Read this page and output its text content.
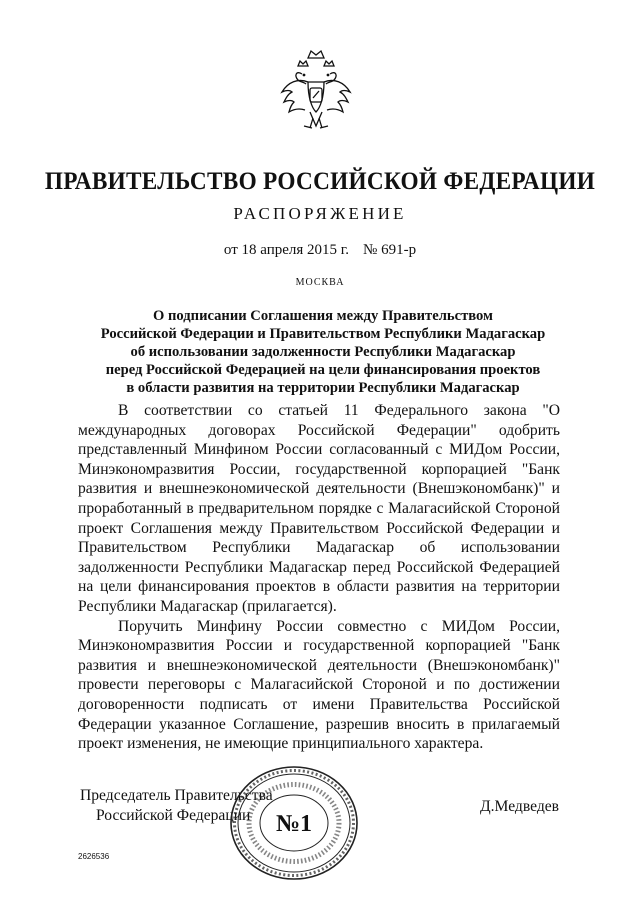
ПРАВИТЕЛЬСТВО РОССИЙСКОЙ ФЕДЕРАЦИИ
РАСПОРЯЖЕНИЕ
от 18 апреля 2015 г. № 691-р
МОСКВА
О подписании Соглашения между Правительством
Российской Федерации и Правительством Республики Мадагаскар
об использовании задолженности Республики Мадагаскар
перед Российской Федерацией на цели финансирования проектов
в области развития на территории Республики Мадагаскар

В соответствии со статьей 11 Федерального закона "О международных договорах Российской Федерации" одобрить представленный Минфином России согласованный с МИДом России, Минэкономразвития России, государственной корпорацией "Банк развития и внешнеэкономической деятельности (Внешэкономбанк)" и проработанный в предварительном порядке с Малагасийской Стороной проект Соглашения между Правительством Российской Федерации и Правительством Республики Мадагаскар об использовании задолженности Республики Мадагаскар перед Российской Федерацией на цели финансирования проектов в области развития на территории Республики Мадагаскар (прилагается).

Поручить Минфину России совместно с МИДом России, Минэкономразвития России и государственной корпорацией "Банк развития и внешнеэкономической деятельности (Внешэкономбанк)" провести переговоры с Малагасийской Стороной и по достижении договоренности подписать от имени Правительства Российской Федерации указанное Соглашение, разрешив вносить в прилагаемый проект изменения, не имеющие принципиального характера.

Председатель Правительства
Российской Федерации
Д.Медведев
№1
2626536
